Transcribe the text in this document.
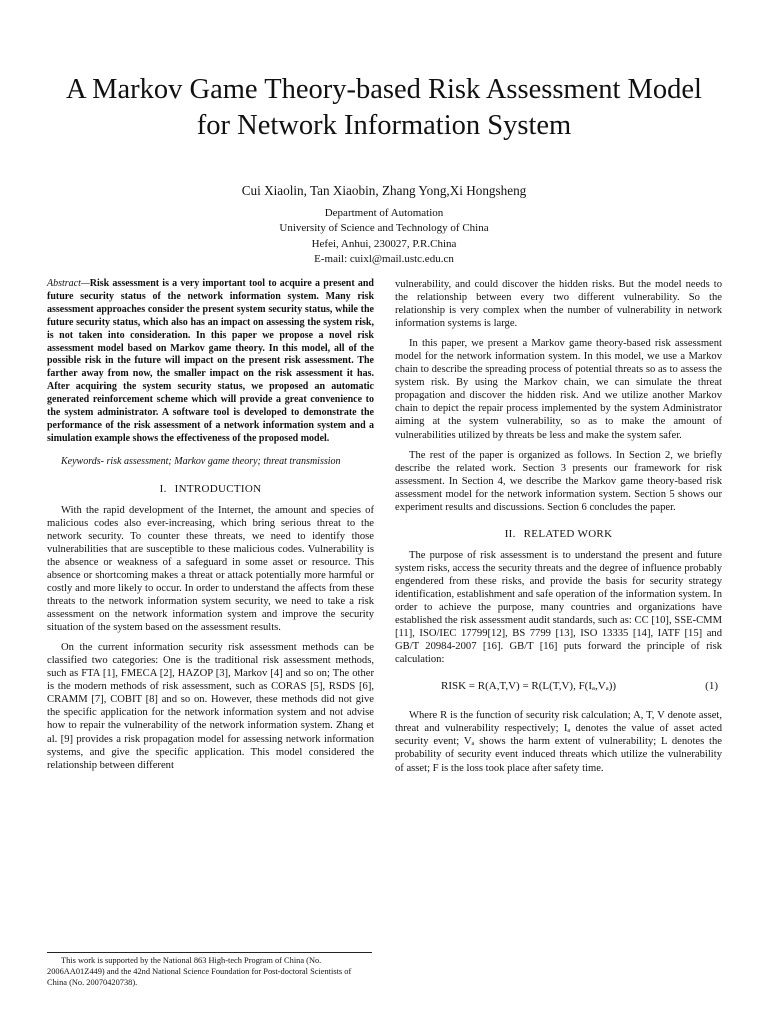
A Markov Game Theory-based Risk Assessment Model for Network Information System

Cui Xiaolin, Tan Xiaobin, Zhang Yong,Xi Hongsheng

Department of Automation
University of Science and Technology of China
Hefei, Anhui, 230027, P.R.China
E-mail: cuixl@mail.ustc.edu.cn

Abstract—Risk assessment is a very important tool to acquire a present and future security status of the network information system. Many risk assessment approaches consider the present system security status, while the future security status, which also has an impact on assessing the system risk, is not taken into consideration. In this paper we propose a novel risk assessment model based on Markov game theory. In this model, all of the possible risk in the future will impact on the present risk assessment. The farther away from now, the smaller impact on the risk assessment it has. After acquiring the system security status, we proposed an automatic generated reinforcement scheme which will provide a great convenience to the system administrator. A software tool is developed to demonstrate the performance of the risk assessment of a network information system and a simulation example shows the effectiveness of the proposed model.

Keywords- risk assessment; Markov game theory; threat transmission

I. INTRODUCTION

With the rapid development of the Internet, the amount and species of malicious codes also ever-increasing, which bring serious threat to the network security. To counter these threats, we need to identify those vulnerabilities that are susceptible to these malicious codes. Vulnerability is the absence or weakness of a safeguard in some asset or resource. This absence or shortcoming makes a threat or attack potentially more harmful or costly and more likely to occur. In order to understand the affects from these threats to the network information system security, we need to take a risk assessment on the network information system and improve the security situation of the system based on the assessment results.

On the current information security risk assessment methods can be classified two categories: One is the traditional risk assessment methods, such as FTA [1], FMECA [2], HAZOP [3], Markov [4] and so on; The other is the modern methods of risk assessment, such as CORAS [5], RSDS [6], CRAMM [7], COBIT [8] and so on. However, these methods did not give the specific application for the network information system and not advise how to repair the vulnerability of the network information system. Zhang et al. [9] provides a risk propagation model for assessing network information systems, and give the specific application. This model considered the relationship between different

vulnerability, and could discover the hidden risks. But the model needs to the relationship between every two different vulnerability. So the relationship is very complex when the number of vulnerability in network information systems is large.

In this paper, we present a Markov game theory-based risk assessment model for the network information system. In this model, we use a Markov chain to describe the spreading process of potential threats so as to assess the system risk. By using the Markov chain, we can simulate the threat propagation and discover the hidden risk. And we utilize another Markov chain to depict the repair process implemented by the system Administrator aiming at the system vulnerability, so as to make the amount of vulnerabilities utilized by threats be less and make the system safer.

The rest of the paper is organized as follows. In Section 2, we briefly describe the related work. Section 3 presents our framework for risk assessment. In Section 4, we describe the Markov game theory-based risk assessment model for the network information system. Section 5 shows our experiment results and discussions. Section 6 concludes the paper.

II. RELATED WORK

The purpose of risk assessment is to understand the present and future system risks, access the security threats and the degree of influence probably engendered from these risks, and provide the basis for security strategy identification, establishment and safe operation of the information system. In order to achieve the purpose, many countries and organizations have established the risk assessment audit standards, such as: CC [10], SSE-CMM [11], ISO/IEC 17799[12], BS 7799 [13], ISO 13335 [14], IATF [15] and GB/T 20984-2007 [16]. GB/T [16] puts forward the principle of risk calculation:

RISK = R(A,T,V) = R(L(T,V), F(Iₐ,Vₐ))	(1)

Where R is the function of security risk calculation; A, T, V denote asset, threat and vulnerability respectively; Iₐ denotes the value of asset acted security event; Vₐ shows the harm extent of vulnerability; L denotes the probability of security event induced threats which utilize the vulnerability of asset; F is the loss took place after safety time.

This work is supported by the National 863 High-tech Program of China (No. 2006AA01Z449) and the 42nd National Science Foundation for Post-doctoral Scientists of China (No. 20070420738).
